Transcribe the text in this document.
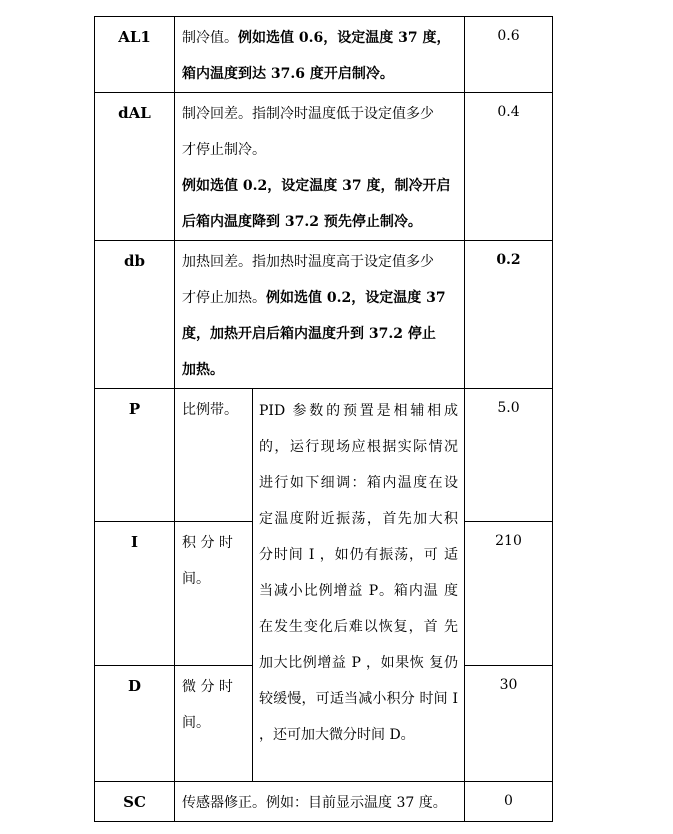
AL1	制冷值。例如选值 0.6，设定温度 37 度，
箱内温度到达 37.6 度开启制冷。		0.6
dAL	制冷回差。指制冷时温度低于设定值多少
才停止制冷。
例如选值 0.2，设定温度 37 度，制冷开启
后箱内温度降到 37.2 预先停止制冷。		0.4
db	加热回差。指加热时温度高于设定值多少
才停止加热。例如选值 0.2，设定温度 37
度，加热开启后箱内温度升到 37.2 停止
加热。		0.2
P	比例带。	PID 参数的预置是相辅相成 的，运行现场应根据实际情况 进行如下细调：箱内温度在设 定温度附近振荡，首先加大积 分时间 I ，如仍有振荡，可 适当减小比例增益 P。箱内温 度在发生变化后难以恢复，首 先加大比例增益 P ，如果恢 复仍较缓慢，可适当减小积分 时间 I ，还可加大微分时间 D。	5.0
I	积 分 时
间。		210
D	微 分 时
间。		30
SC	传感器修正。例如：目前显示温度 37 度。		0
